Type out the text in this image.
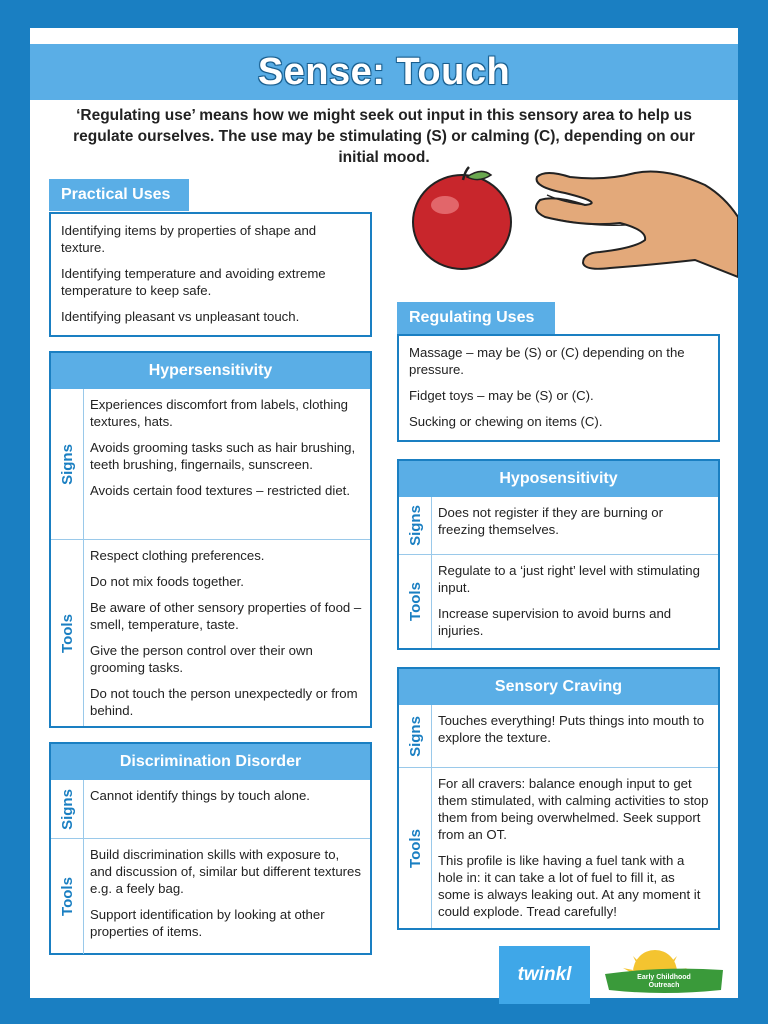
Sense: Touch
‘Regulating use’ means how we might seek out input in this sensory area to help us regulate ourselves. The use may be stimulating (S) or calming (C), depending on our initial mood.
Practical Uses

Identifying items by properties of shape and texture.

Identifying temperature and avoiding extreme temperature to keep safe.

Identifying pleasant vs unpleasant touch.

Hypersensitivity
Signs

Experiences discomfort from labels, clothing textures, hats.

Avoids grooming tasks such as hair brushing, teeth brushing, fingernails, sunscreen.

Avoids certain food textures – restricted diet.

Tools

Respect clothing preferences.

Do not mix foods together.

Be aware of other sensory properties of food – smell, temperature, taste.

Give the person control over their own grooming tasks.

Do not touch the person unexpectedly or from behind.

Discrimination Disorder
Signs Cannot identify things by touch alone.

Tools

Build discrimination skills with exposure to, and discussion of, similar but different textures e.g. a feely bag.

Support identification by looking at other properties of items.

Regulating Uses

Massage – may be (S) or (C) depending on the pressure.

Fidget toys – may be (S) or (C).

Sucking or chewing on items (C).

Hyposensitivity
Signs Does not register if they are burning or freezing themselves.

Tools

Regulate to a ‘just right’ level with stimulating input.

Increase supervision to avoid burns and injuries.

Sensory Craving
Signs Touches everything! Puts things into mouth to explore the texture.

Tools

For all cravers: balance enough input to get them stimulated, with calming activities to stop them from being overwhelmed. Seek support from an OT.

This profile is like having a fuel tank with a hole in: it can take a lot of fuel to fill it, as some is always leaking out. At any moment it could explode. Tread carefully!

twinkl	Early Childhood
Outreach
